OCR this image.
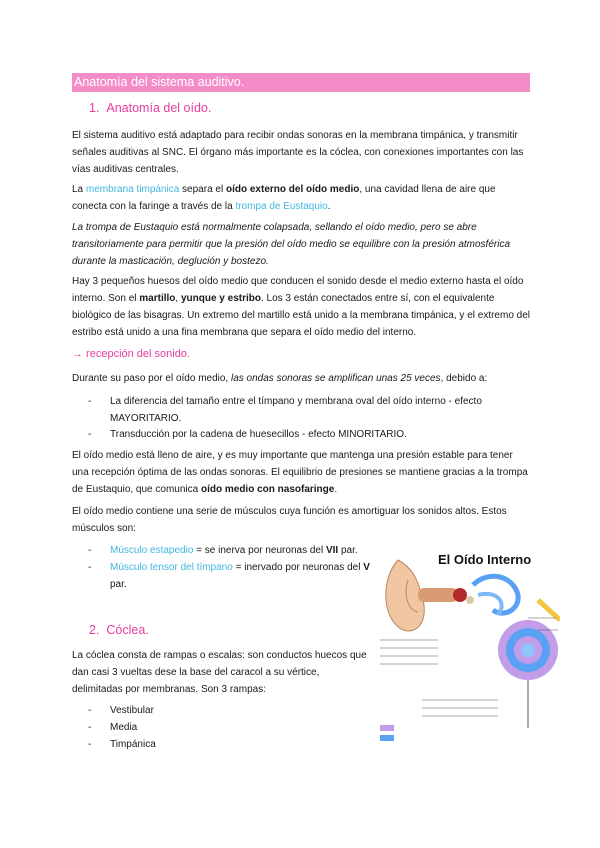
Anatomía del sistema auditivo.
1. Anatomía del oído.
El sistema auditivo está adaptado para recibir ondas sonoras en la membrana timpánica, y transmitir señales auditivas al SNC. El órgano más importante es la cóclea, con conexiones importantes con las vías auditivas centrales.
La membrana timpánica separa el oído externo del oído medio, una cavidad llena de aire que conecta con la faringe a través de la trompa de Eustaquio.
La trompa de Eustaquio está normalmente colapsada, sellando el oído medio, pero se abre transitoriamente para permitir que la presión del oído medio se equilibre con la presión atmosférica durante la masticación, deglución y bostezo.
Hay 3 pequeños huesos del oído medio que conducen el sonido desde el medio externo hasta el oído interno. Son el martillo, yunque y estribo. Los 3 están conectados entre sí, con el equivalente biológico de las bisagras. Un extremo del martillo está unido a la membrana timpánica, y el extremo del estribo está unido a una fina membrana que separa el oído medio del interno.
→ recepción del sonido.
Durante su paso por el oído medio, las ondas sonoras se amplifican unas 25 veces, debido a:
- La diferencia del tamaño entre el tímpano y membrana oval del oído interno - efecto
MAYORITARIO.
- Transducción por la cadena de huesecillos - efecto MINORITARIO.
El oído medio está lleno de aire, y es muy importante que mantenga una presión estable para tener una recepción óptima de las ondas sonoras. El equilibrio de presiones se mantiene gracias a la trompa de Eustaquio, que comunica oído medio con nasofaringe.
El oído medio contiene una serie de músculos cuya función es amortiguar los sonidos altos. Estos músculos son:
-	Músculo estapedio = se inerva por neuronas del VII par.
-	Músculo tensor del tímpano = inervado por neuronas del V par.
2. Cóclea.
La cóclea consta de rampas o escalas: son conductos huecos que dan casi 3 vueltas dese la base del caracol a su vértice, delimitadas por membranas. Son 3 rampas:
- Vestibular
- Media
- Timpánica
El Oído Interno
